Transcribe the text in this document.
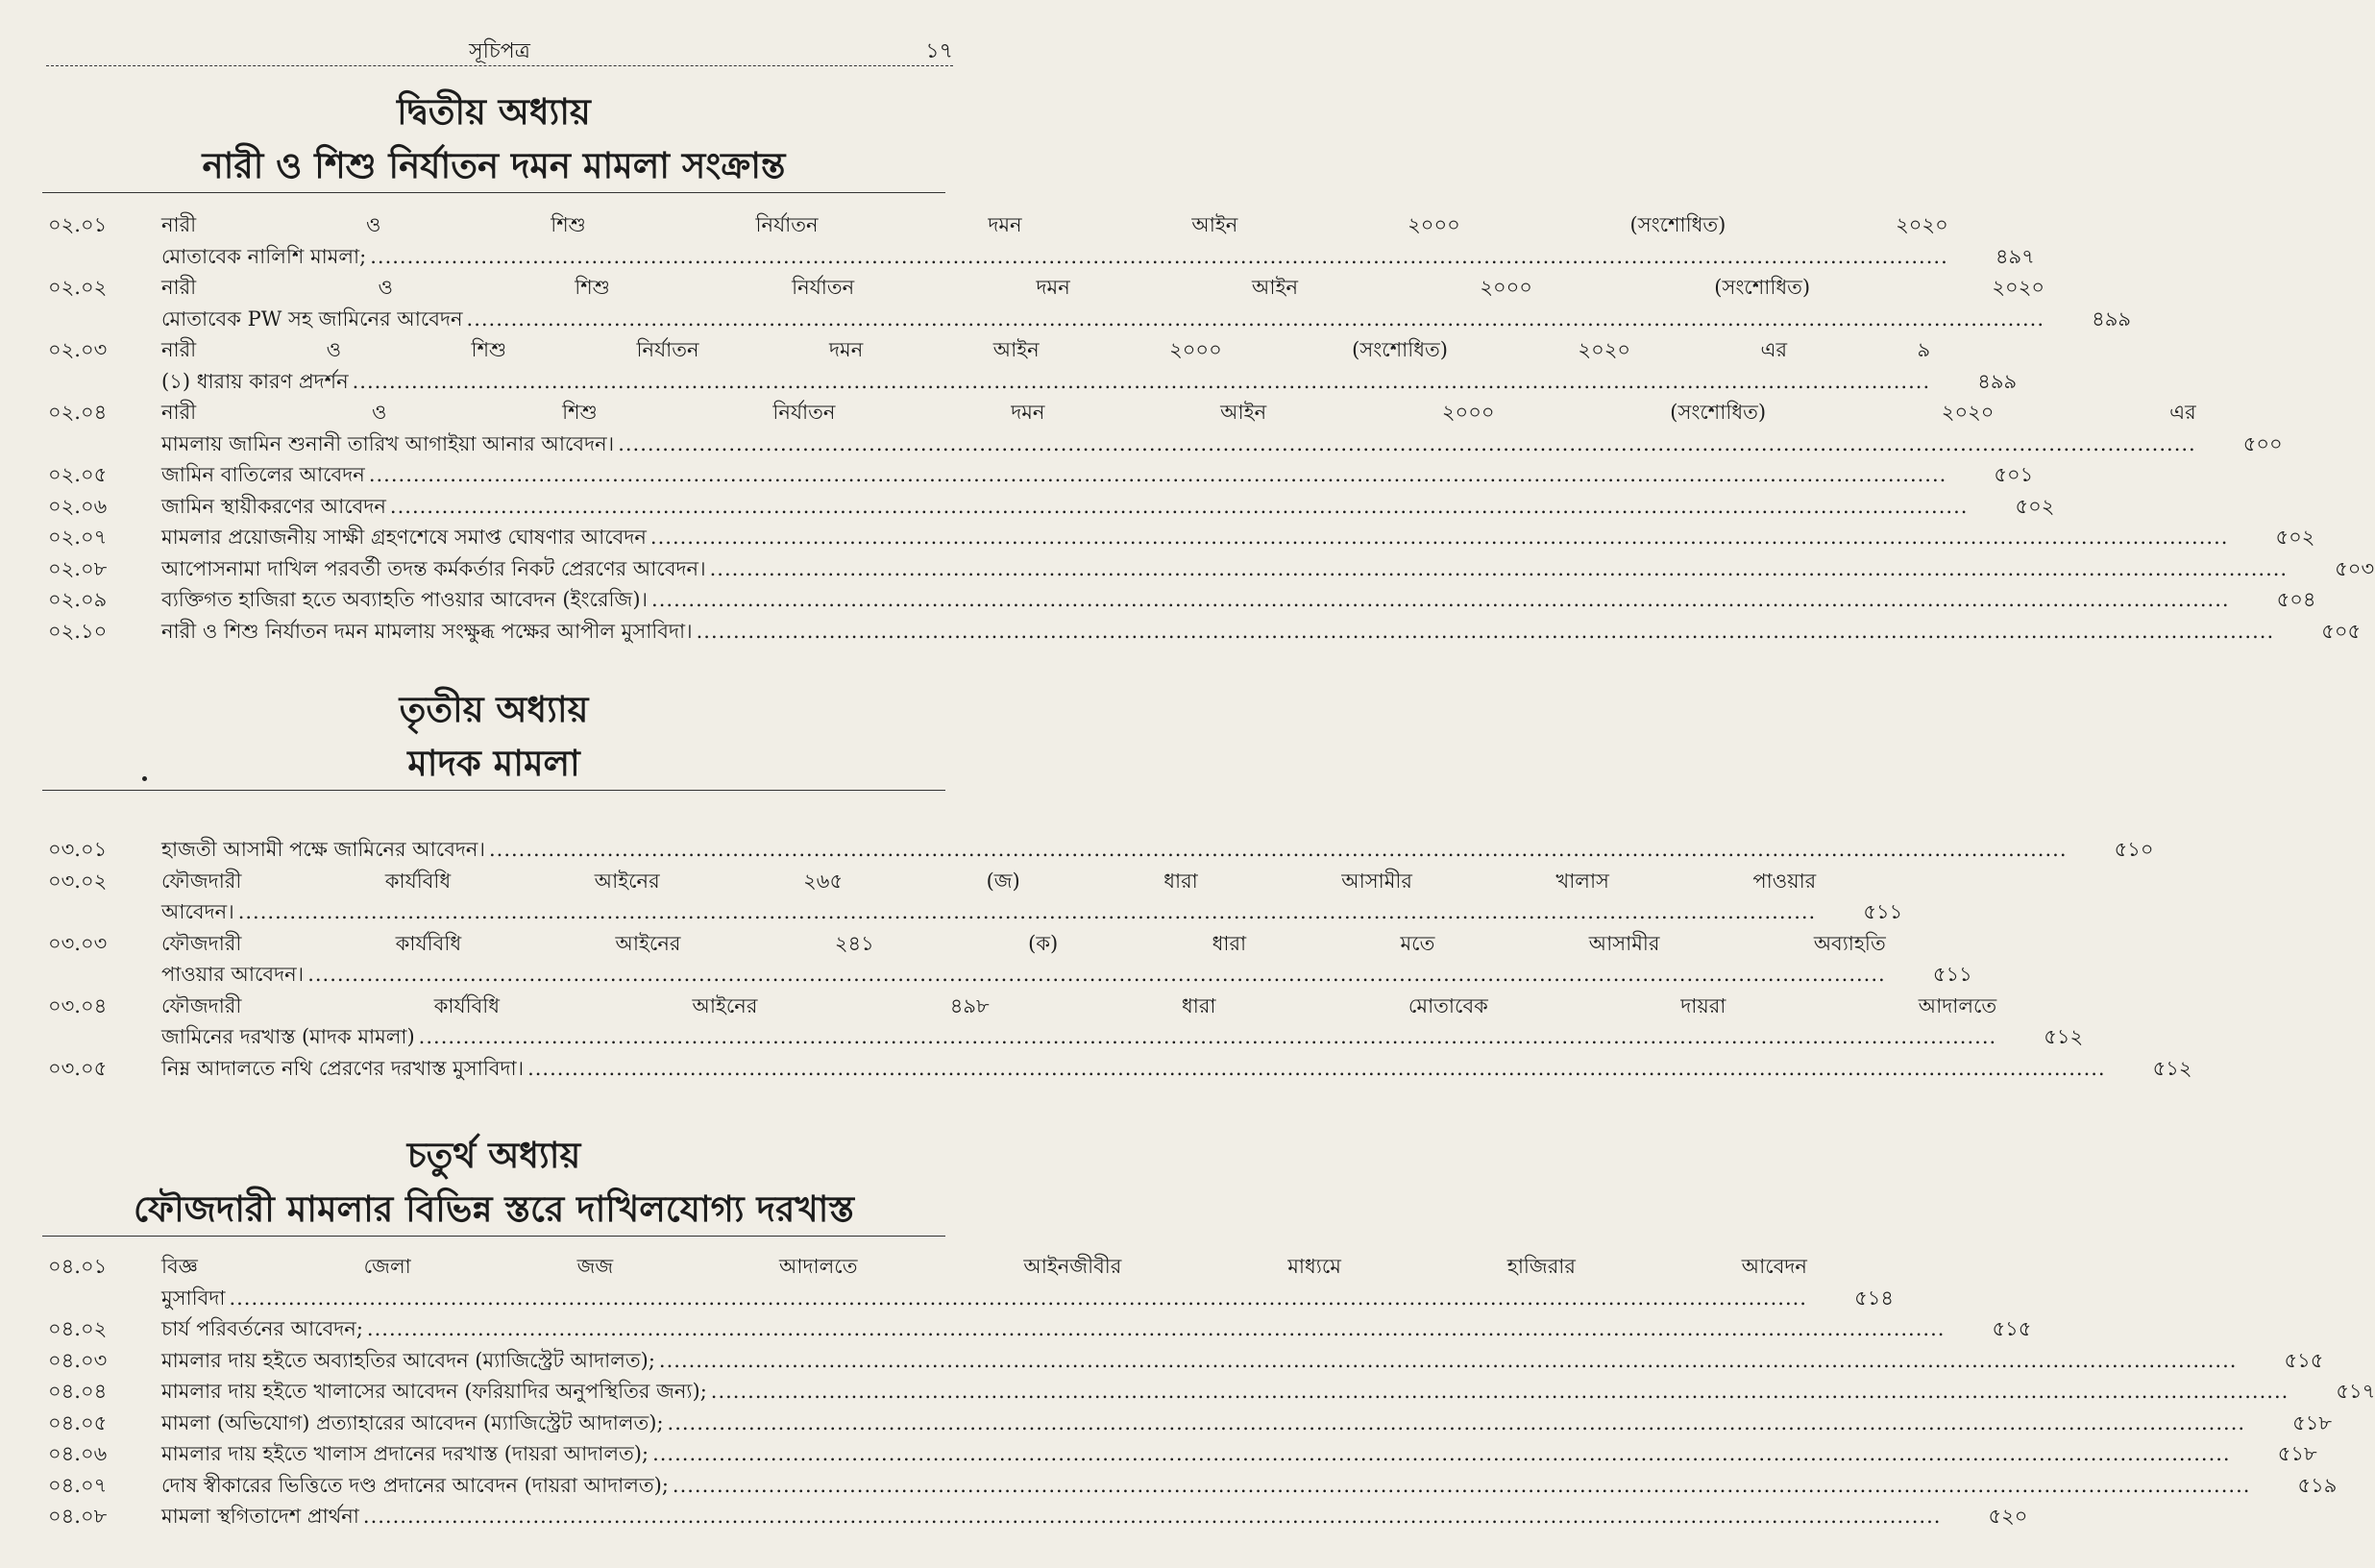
সূচিপত্র	১৭
দ্বিতীয় অধ্যায়
নারী ও শিশু নির্যাতন দমন মামলা সংক্রান্ত
০২.০১	নারী ও শিশু নির্যাতন দমন আইন ২০০০ (সংশোধিত) ২০২০
মোতাবেক নালিশি মামলা; .....	৪৯৭
০২.০২	নারী ও শিশু নির্যাতন দমন আইন ২০০০ (সংশোধিত) ২০২০
মোতাবেক PW সহ জামিনের আবেদন .....	৪৯৯
০২.০৩	নারী ও শিশু নির্যাতন দমন আইন ২০০০ (সংশোধিত) ২০২০ এর ৯
(১) ধারায় কারণ প্রদর্শন .....	৪৯৯
০২.০৪	নারী ও শিশু নির্যাতন দমন আইন ২০০০ (সংশোধিত) ২০২০ এর
মামলায় জামিন শুনানী তারিখ আগাইয়া আনার আবেদন। .....	৫০০
০২.০৫	জামিন বাতিলের আবেদন .....	৫০১
০২.০৬	জামিন স্থায়ীকরণের আবেদন .....	৫০২
০২.০৭	মামলার প্রয়োজনীয় সাক্ষী গ্রহণশেষে সমাপ্ত ঘোষণার আবেদন .....	৫০২
০২.০৮	আপোসনামা দাখিল পরবর্তী তদন্ত কর্মকর্তার নিকট প্রেরণের আবেদন। .....	৫০৩
০২.০৯	ব্যক্তিগত হাজিরা হতে অব্যাহতি পাওয়ার আবেদন (ইংরেজি)। .....	৫০৪
০২.১০	নারী ও শিশু নির্যাতন দমন মামলায় সংক্ষুব্ধ পক্ষের আপীল মুসাবিদা। .....	৫০৫
তৃতীয় অধ্যায়
মাদক মামলা
০৩.০১	হাজতী আসামী পক্ষে জামিনের আবেদন। .....	৫১০
০৩.০২	ফৌজদারী কার্যবিধি আইনের ২৬৫ (জ) ধারা আসামীর খালাস পাওয়ার
আবেদন। .....	৫১১
০৩.০৩	ফৌজদারী কার্যবিধি আইনের ২৪১ (ক) ধারা মতে আসামীর অব্যাহতি
পাওয়ার আবেদন। .....	৫১১
০৩.০৪	ফৌজদারী কার্যবিধি আইনের ৪৯৮ ধারা মোতাবেক দায়রা আদালতে
জামিনের দরখাস্ত (মাদক মামলা) .....	৫১২
০৩.০৫	নিম্ন আদালতে নথি প্রেরণের দরখাস্ত মুসাবিদা। .....	৫১২
চতুর্থ অধ্যায়
ফৌজদারী মামলার বিভিন্ন স্তরে দাখিলযোগ্য দরখাস্ত
০৪.০১	বিজ্ঞ জেলা জজ আদালতে আইনজীবীর মাধ্যমে হাজিরার আবেদন
মুসাবিদা .....	৫১৪
০৪.০২	চার্য পরিবর্তনের আবেদন; .....	৫১৫
০৪.০৩	মামলার দায় হইতে অব্যাহতির আবেদন (ম্যাজিস্ট্রেট আদালত); .....	৫১৫
০৪.০৪	মামলার দায় হইতে খালাসের আবেদন (ফরিয়াদির অনুপস্থিতির জন্য); .....	৫১৭
০৪.০৫	মামলা (অভিযোগ) প্রত্যাহারের আবেদন (ম্যাজিস্ট্রেট আদালত); .....	৫১৮
০৪.০৬	মামলার দায় হইতে খালাস প্রদানের দরখাস্ত (দায়রা আদালত); .....	৫১৮
০৪.০৭	দোষ স্বীকারের ভিত্তিতে দণ্ড প্রদানের আবেদন (দায়রা আদালত); .....	৫১৯
০৪.০৮	মামলা স্থগিতাদেশ প্রার্থনা .....	৫২০
